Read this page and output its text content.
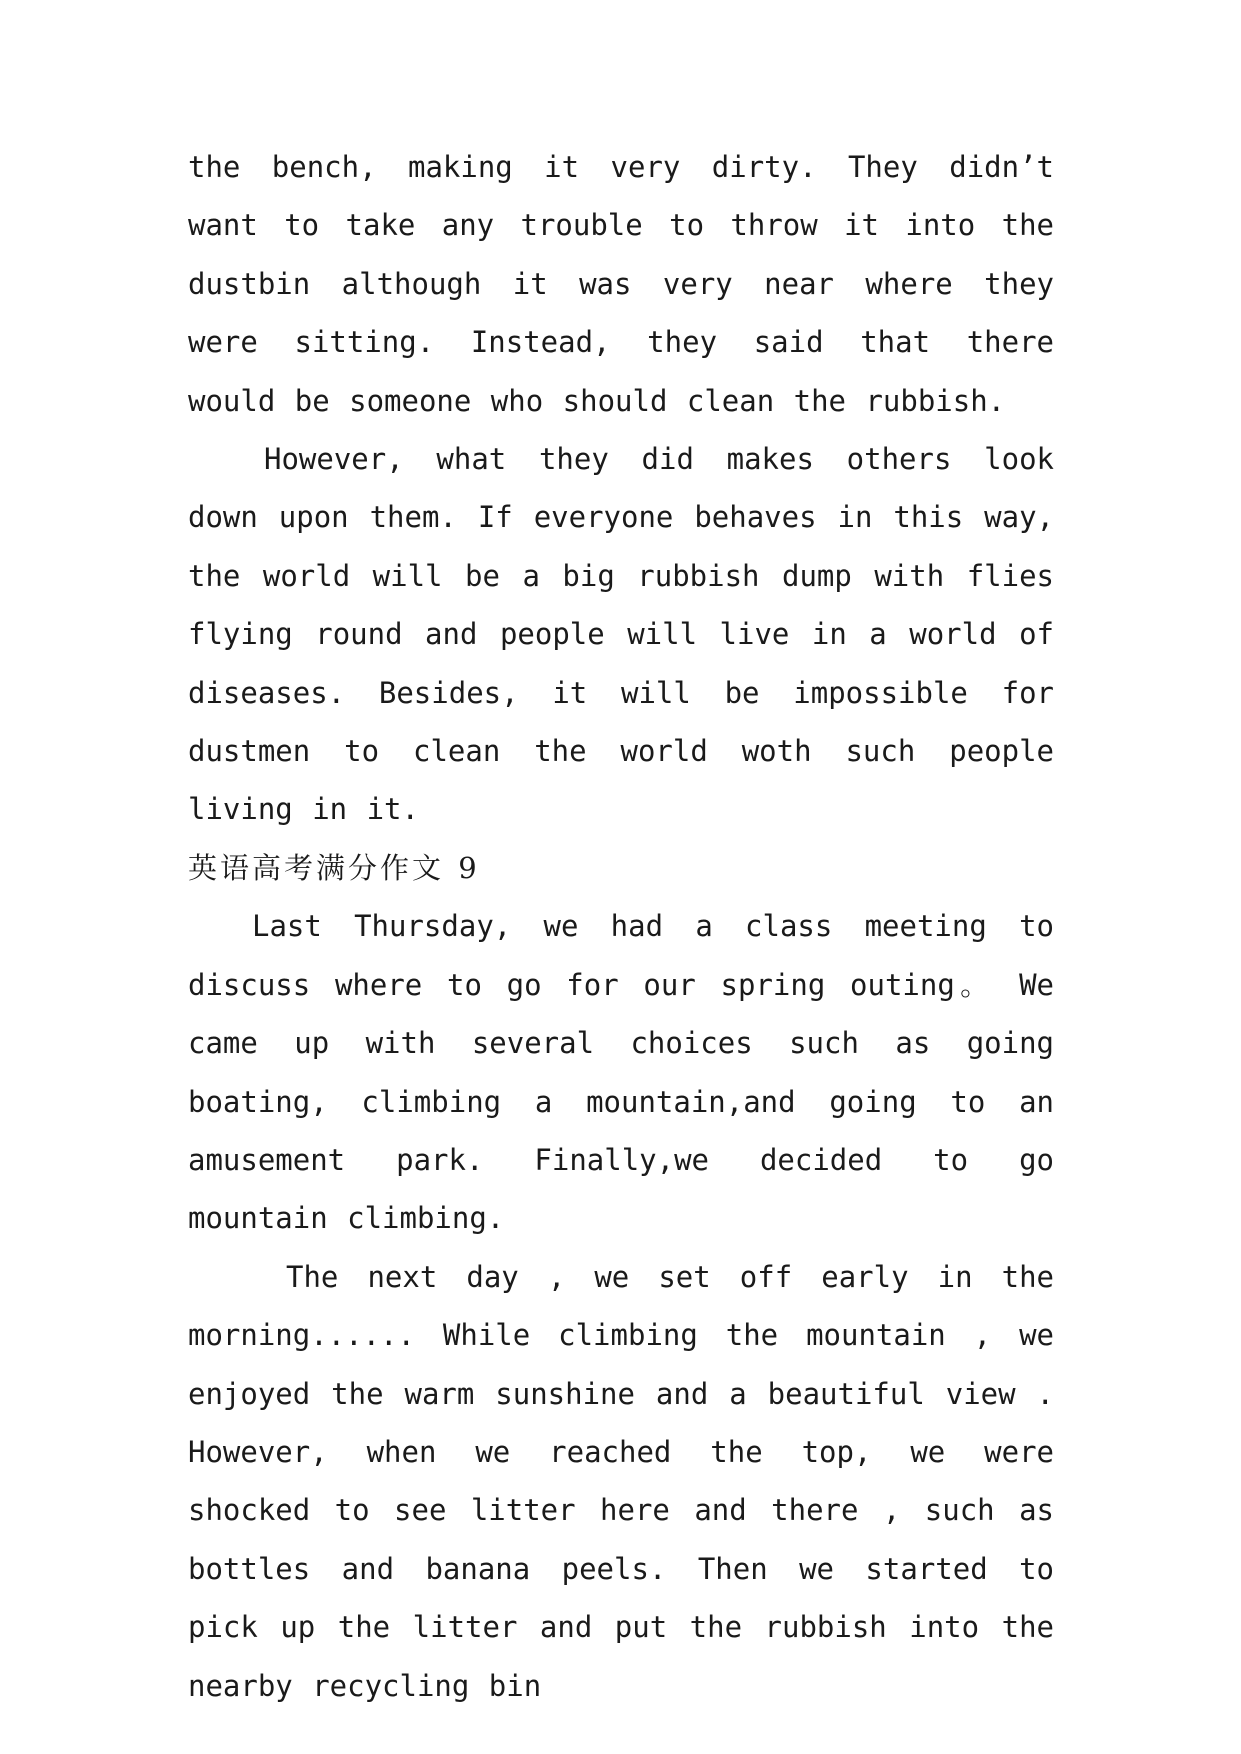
the bench, making it very dirty. They didn’t want to take any trouble to throw it into the dustbin although it was very near where they were sitting. Instead, they said that there would be someone who should clean the rubbish.

However, what they did makes others look down upon them. If everyone behaves in this way, the world will be a big rubbish dump with flies flying round and people will live in a world of diseases. Besides, it will be impossible for dustmen to clean the world woth such people living in it.

英语高考满分作文 9

Last Thursday, we had a class meeting to discuss where to go for our spring outing。 We came up with several choices such as going boating, climbing a mountain,and going to an amusement park. Finally,we decided to go mountain climbing.

The next day , we set off early in the morning...... While climbing the mountain , we enjoyed the warm sunshine and a beautiful view . However, when we reached the top, we were shocked to see litter here and there , such as bottles and banana peels. Then we started to pick up the litter and put the rubbish into the nearby recycling bin
